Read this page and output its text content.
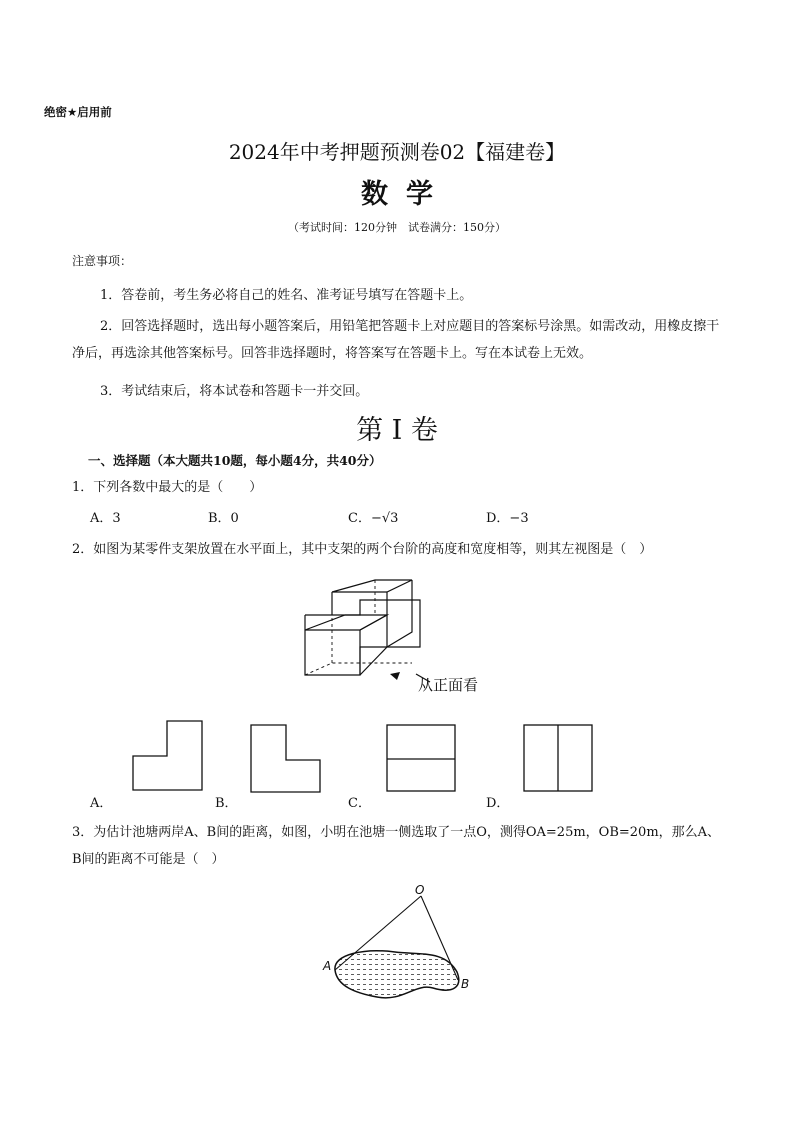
绝密★启用前
2024年中考押题预测卷02【福建卷】
数学
（考试时间：120分钟　试卷满分：150分）
注意事项：
1．答卷前，考生务必将自己的姓名、准考证号填写在答题卡上。
2．回答选择题时，选出每小题答案后，用铅笔把答题卡上对应题目的答案标号涂黑。如需改动，用橡皮擦干净后，再选涂其他答案标号。回答非选择题时，将答案写在答题卡上。写在本试卷上无效。
3．考试结束后，将本试卷和答题卡一并交回。
第 I 卷
一、选择题（本大题共10题，每小题4分，共40分）
1．下列各数中最大的是（　　）
A．3	B．0	C．−√3	D．−3
2．如图为某零件支架放置在水平面上，其中支架的两个台阶的高度和宽度相等，则其左视图是（　）
从正面看
A．	B．	C．	D．
3．为估计池塘两岸A、B间的距离，如图，小明在池塘一侧选取了一点O，测得OA=25m，OB=20m，那么A、B间的距离不可能是（　）
O
A
B
